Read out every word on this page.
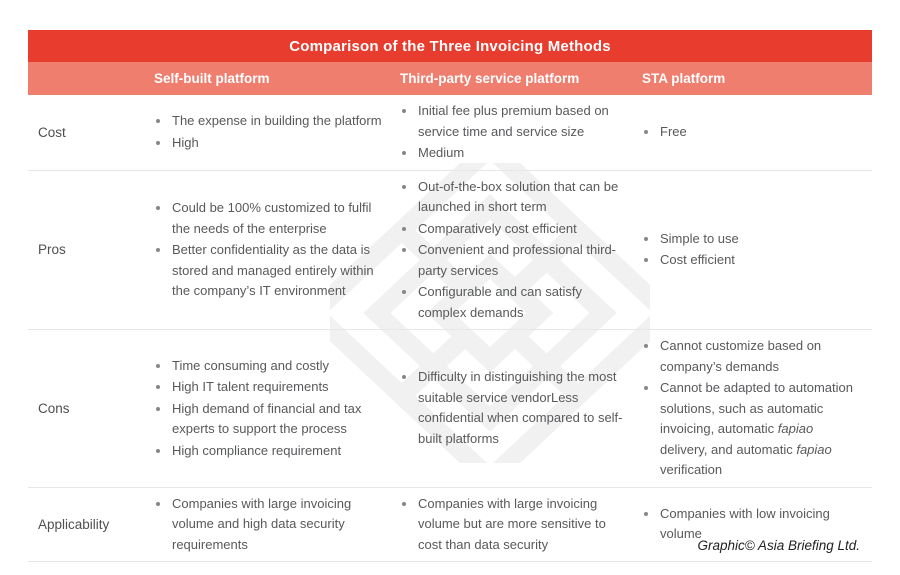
Comparison of the Three Invoicing Methods
Self-built platform	Third-party service platform	STA platform
Cost
The expense in building the platform
High
Initial fee plus premium based on service time and service size
Medium
Free
Pros
Could be 100% customized to fulfil the needs of the enterprise
Better confidentiality as the data is stored and managed entirely within the company’s IT environment
Out-of-the-box solution that can be launched in short term
Comparatively cost efficient
Convenient and professional third-party services
Configurable and can satisfy complex demands
Simple to use
Cost efficient
Cons
Time consuming and costly
High IT talent requirements
High demand of financial and tax experts to support the process
High compliance requirement
Difficulty in distinguishing the most suitable service vendorLess confidential when compared to self-built platforms
Cannot customize based on company’s demands
Cannot be adapted to automation solutions, such as automatic invoicing, automatic fapiao delivery, and automatic fapiao verification
Applicability
Companies with large invoicing volume and high data security requirements
Companies with large invoicing volume but are more sensitive to cost than data security
Companies with low invoicing volume
Graphic© Asia Briefing Ltd.
